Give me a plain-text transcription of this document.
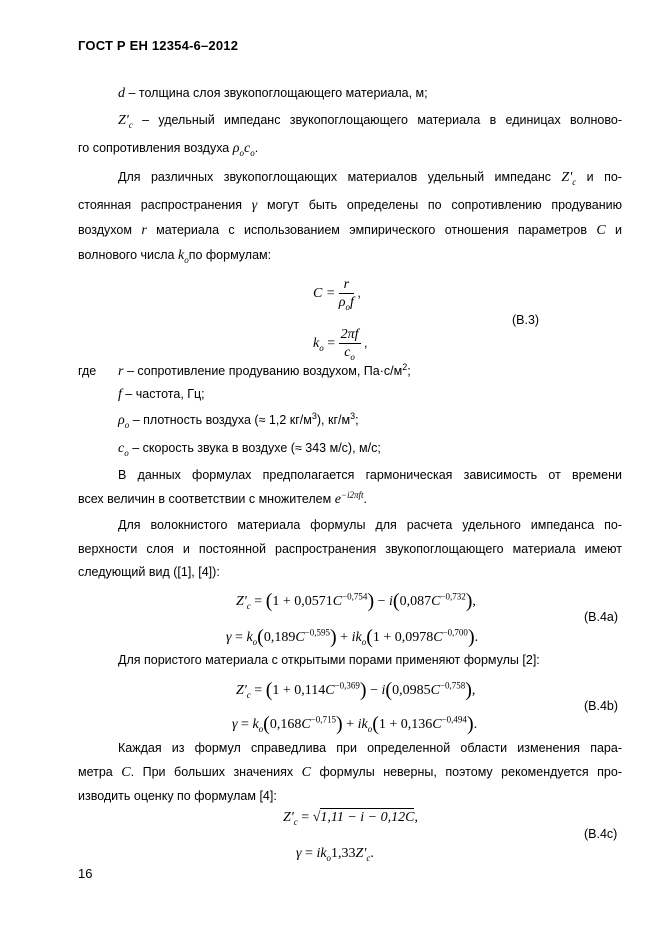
ГОСТ Р ЕН 12354-6–2012
d – толщина слоя звукопоглощающего материала, м;
$Z'_c$ – удельный импеданс звукопоглощающего материала в единицах волново-
го сопротивления воздуха $\rho_oc_o$.
Для различных звукопоглощающих материалов удельный импеданс $Z'_c$ и по-
стоянная распространения γ могут быть определены по сопротивлению продуванию
воздухом r материала с использованием эмпирического отношения параметров C и
волнового числа $k_oпо$ формулам:
$C = \frac{r}{\rho_of}$ ,
(B.3)
$k_o = \frac{2\pi f}{c_o}$ ,
где r – сопротивление продуванию воздухом, $Па\cdot с/м^2$;
f – частота, Гц;
$\rho_o$ – плотность воздуха (≈ 1,2 $кг/м^3$), $кг/м^3$;
$c_o$ – скорость звука в воздухе (≈ 343 м/с), м/с;
В данных формулах предполагается гармоническая зависимость от времени
всех величин в соответствии с множителем $e^{-i2\pi ft}$.
Для волокнистого материала формулы для расчета удельного импеданса по-
верхности слоя и постоянной распространения звукопоглощающего материала имеют
следующий вид ([1], [4]):
$Z'_c = (1 + 0,0571C^{-0,754}) - i(0,087C^{-0,732})$,
(B.4a)
$\gamma = k_o(0,189C^{-0,595}) + ik_o(1 + 0,0978C^{-0,700})$.
Для пористого материала с открытыми порами применяют формулы [2]:
$Z'_c = (1 + 0,114C^{-0,369}) - i(0,0985C^{-0,758})$,
(B.4b)
$\gamma = k_o(0,168C^{-0,715}) + ik_o(1 + 0,136C^{-0,494})$.
Каждая из формул справедлива при определенной области изменения пара-
метра C. При больших значениях C формулы неверны, поэтому рекомендуется про-
изводить оценку по формулам [4]:
$Z'_c = √1,11 - i - 0,12C$,
(B.4c)
$\gamma = ik_o1,33Z'_c$.
16
